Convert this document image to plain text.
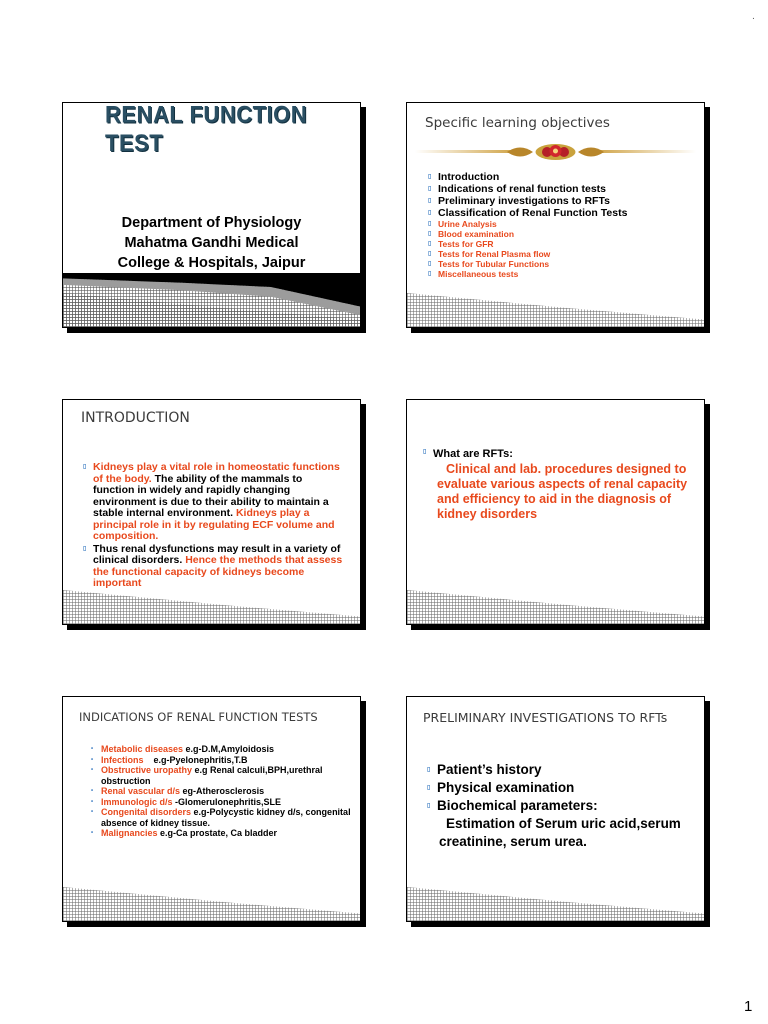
.
RENAL FUNCTION TEST
Department of Physiology
Mahatma Gandhi Medical
College & Hospitals, Jaipur
Specific learning objectives
▯ Introduction
▯ Indications of renal function tests
▯ Preliminary investigations to RFTs
▯ Classification of Renal Function Tests
▯ Urine Analysis
▯ Blood examination
▯ Tests for GFR
▯ Tests for Renal Plasma flow
▯ Tests for Tubular Functions
▯ Miscellaneous tests
INTRODUCTION
▯ Kidneys play a vital role in homeostatic functions of the body. The ability of the mammals to function in widely and rapidly changing environment is due to their ability to maintain a stable internal environment. Kidneys play a principal role in it by regulating ECF volume and composition.
▯ Thus renal dysfunctions may result in a variety of clinical disorders. Hence the methods that assess the functional capacity of kidneys become important
▯ What are RFTs:
Clinical and lab. procedures designed to evaluate various aspects of renal capacity and efficiency to aid in the diagnosis of kidney disorders
INDICATIONS OF RENAL FUNCTION TESTS
• Metabolic diseases e.g-D.M,Amyloidosis
• Infections    e.g-Pyelonephritis,T.B
• Obstructive uropathy e.g Renal calculi,BPH,urethral obstruction
• Renal vascular d/s eg-Atherosclerosis
• Immunologic d/s -Glomerulonephritis,SLE
• Congenital disorders e.g-Polycystic kidney d/s, congenital absence of kidney tissue.
• Malignancies e.g-Ca prostate, Ca bladder
PRELIMINARY INVESTIGATIONS TO RFTs
▯ Patient’s history
▯ Physical examination
▯ Biochemical parameters:
Estimation of Serum uric acid,serum creatinine, serum urea.
1
